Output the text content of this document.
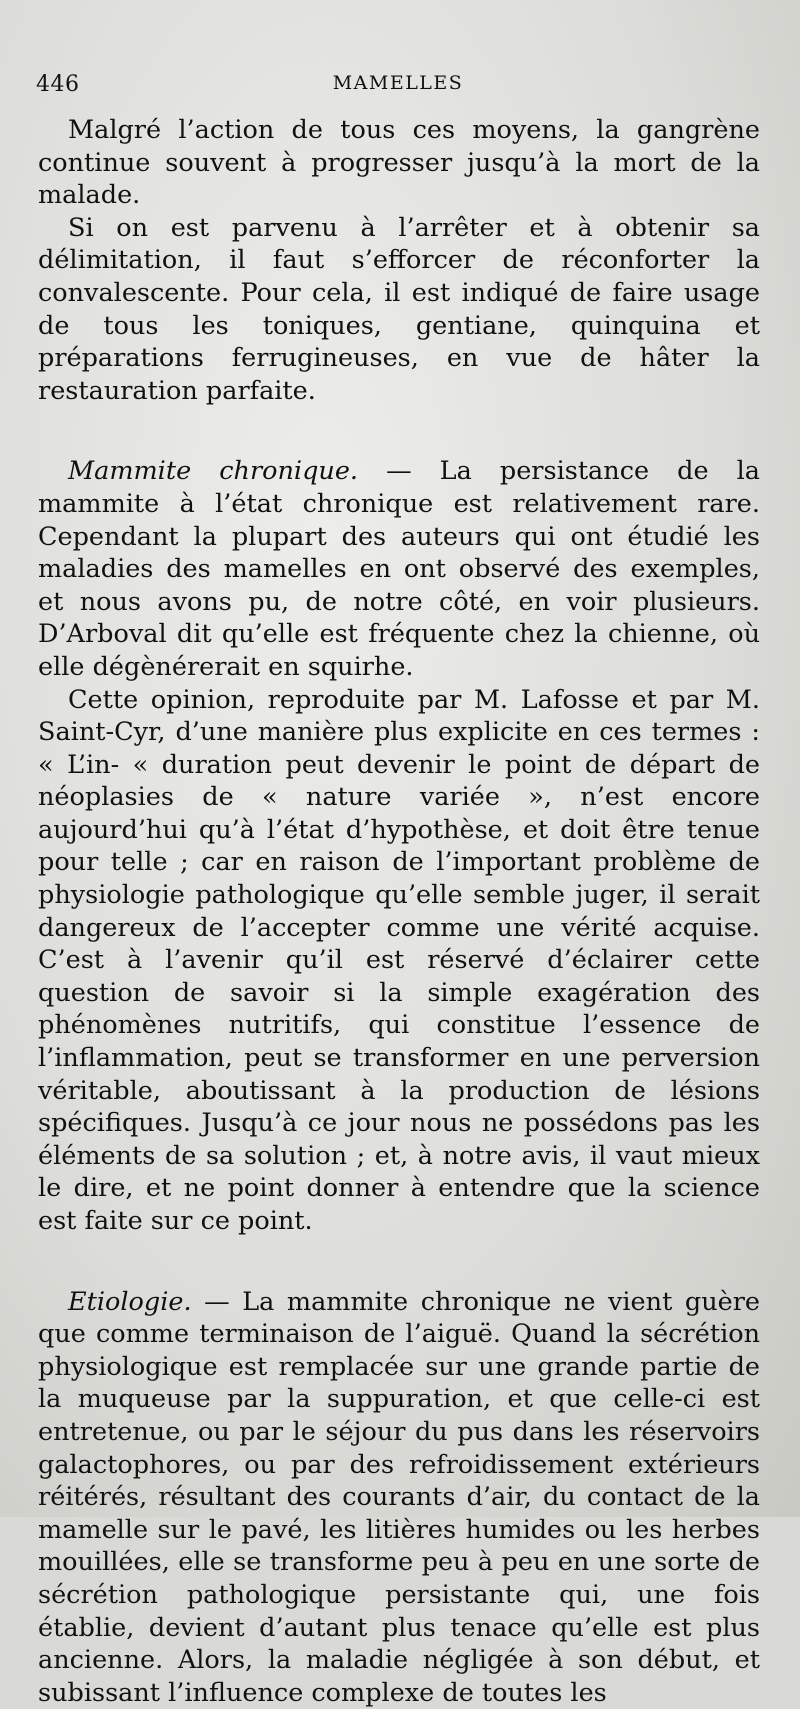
446	MAMELLES

Malgré l’action de tous ces moyens, la gangrène continue souvent à progresser jusqu’à la mort de la malade.

Si on est parvenu à l’arrêter et à obtenir sa délimitation, il faut s’efforcer de réconforter la convalescente. Pour cela, il est indiqué de faire usage de tous les toniques, gentiane, quinquina et préparations ferrugineuses, en vue de hâter la restauration parfaite.

Mammite chronique. — La persistance de la mammite à l’état chronique est relativement rare. Cependant la plupart des auteurs qui ont étudié les maladies des mamelles en ont observé des exemples, et nous avons pu, de notre côté, en voir plusieurs. D’Arboval dit qu’elle est fréquente chez la chienne, où elle dégènérerait en squirhe.

Cette opinion, reproduite par M. Lafosse et par M. Saint-Cyr, d’une manière plus explicite en ces termes : « L’in- « duration peut devenir le point de départ de néoplasies de « nature variée », n’est encore aujourd’hui qu’à l’état d’hypothèse, et doit être tenue pour telle ; car en raison de l’important problème de physiologie pathologique qu’elle semble juger, il serait dangereux de l’accepter comme une vérité acquise. C’est à l’avenir qu’il est réservé d’éclairer cette question de savoir si la simple exagération des phénomènes nutritifs, qui constitue l’essence de l’inflammation, peut se transformer en une perversion véritable, aboutissant à la production de lésions spécifiques. Jusqu’à ce jour nous ne possédons pas les éléments de sa solution ; et, à notre avis, il vaut mieux le dire, et ne point donner à entendre que la science est faite sur ce point.

Etiologie. — La mammite chronique ne vient guère que comme terminaison de l’aiguë. Quand la sécrétion physiologique est remplacée sur une grande partie de la muqueuse par la suppuration, et que celle-ci est entretenue, ou par le séjour du pus dans les réservoirs galactophores, ou par des refroidissement extérieurs réitérés, résultant des courants d’air, du contact de la mamelle sur le pavé, les litières humides ou les herbes mouillées, elle se transforme peu à peu en une sorte de sécrétion pathologique persistante qui, une fois établie, devient d’autant plus tenace qu’elle est plus ancienne. Alors, la maladie négligée à son début, et subissant l’influence complexe de toutes les
